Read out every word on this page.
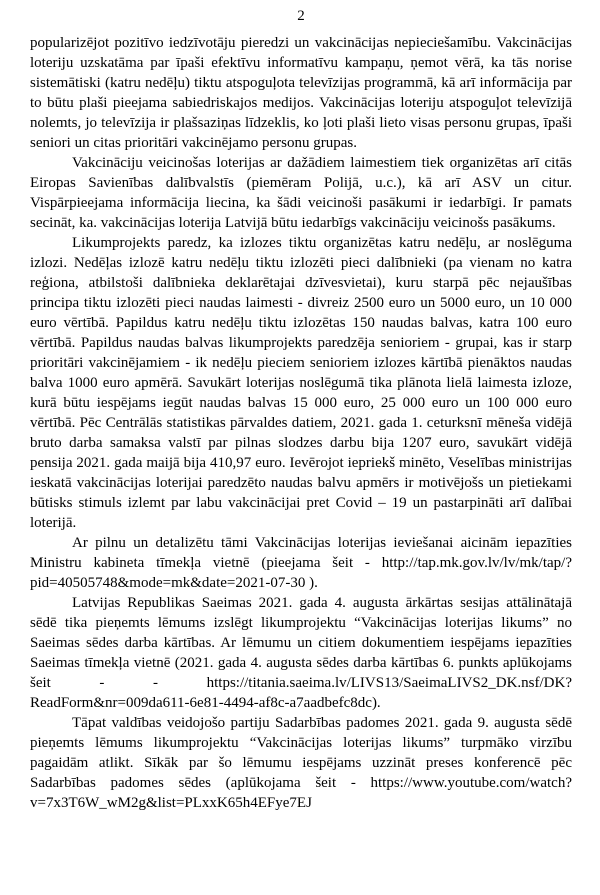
2

popularizējot pozitīvo iedzīvotāju pieredzi un vakcinācijas nepieciešamību. Vakcinācijas loteriju uzskatāma par īpaši efektīvu informatīvu kampaņu, ņemot vērā, ka tās norise sistemātiski (katru nedēļu) tiktu atspoguļota televīzijas programmā, kā arī informācija par to būtu plaši pieejama sabiedriskajos medijos. Vakcinācijas loteriju atspoguļot televīzijā nolemts, jo televīzija ir plašsaziņas līdzeklis, ko ļoti plaši lieto visas personu grupas, īpaši seniori un citas prioritāri vakcinējamo personu grupas.

Vakcināciju veicinošas loterijas ar dažādiem laimestiem tiek organizētas arī citās Eiropas Savienības dalībvalstīs (piemēram Polijā, u.c.), kā arī ASV un citur. Vispārpieejama informācija liecina, ka šādi veicinoši pasākumi ir iedarbīgi. Ir pamats secināt, ka. vakcinācijas loterija Latvijā būtu iedarbīgs vakcināciju veicinošs pasākums.

Likumprojekts paredz, ka izlozes tiktu organizētas katru nedēļu, ar noslēguma izlozi. Nedēļas izlozē katru nedēļu tiktu izlozēti pieci dalībnieki (pa vienam no katra reģiona, atbilstoši dalībnieka deklarētajai dzīvesvietai), kuru starpā pēc nejaušības principa tiktu izlozēti pieci naudas laimesti - divreiz 2500 euro un 5000 euro, un 10 000 euro vērtībā. Papildus katru nedēļu tiktu izlozētas 150 naudas balvas, katra 100 euro vērtībā. Papildus naudas balvas likumprojekts paredzēja senioriem - grupai, kas ir starp prioritāri vakcinējamiem - ik nedēļu pieciem senioriem izlozes kārtībā pienāktos naudas balva 1000 euro apmērā. Savukārt loterijas noslēgumā tika plānota lielā laimesta izloze, kurā būtu iespējams iegūt naudas balvas 15 000 euro, 25 000 euro un 100 000 euro vērtībā. Pēc Centrālās statistikas pārvaldes datiem, 2021. gada 1. ceturksnī mēneša vidējā bruto darba samaksa valstī par pilnas slodzes darbu bija 1207 euro, savukārt vidējā pensija 2021. gada maijā bija 410,97 euro. Ievērojot iepriekš minēto, Veselības ministrijas ieskatā vakcinācijas loterijai paredzēto naudas balvu apmērs ir motivējošs un pietiekami būtisks stimuls izlemt par labu vakcinācijai pret Covid – 19 un pastarpināti arī dalībai loterijā.

Ar pilnu un detalizētu tāmi Vakcinācijas loterijas ieviešanai aicinām iepazīties Ministru kabineta tīmekļa vietnē (pieejama šeit - http://tap.mk.gov.lv/lv/mk/tap/?pid=40505748&mode=mk&date=2021-07-30 ).

Latvijas Republikas Saeimas 2021. gada 4. augusta ārkārtas sesijas attālinātajā sēdē tika pieņemts lēmums izslēgt likumprojektu “Vakcinācijas loterijas likums” no Saeimas sēdes darba kārtības. Ar lēmumu un citiem dokumentiem iespējams iepazīties Saeimas tīmekļa vietnē (2021. gada 4. augusta sēdes darba kārtības 6. punkts aplūkojams šeit - - https://titania.saeima.lv/LIVS13/SaeimaLIVS2_DK.nsf/DK?ReadForm&nr=009da611-6e81-4494-af8c-a7aadbefc8dc).

Tāpat valdības veidojošo partiju Sadarbības padomes 2021. gada 9. augusta sēdē pieņemts lēmums likumprojektu “Vakcinācijas loterijas likums” turpmāko virzību pagaidām atlikt. Sīkāk par šo lēmumu iespējams uzzināt preses konferencē pēc Sadarbības padomes sēdes (aplūkojama šeit - https://www.youtube.com/watch?v=7x3T6W_wM2g&list=PLxxK65h4EFye7EJ
